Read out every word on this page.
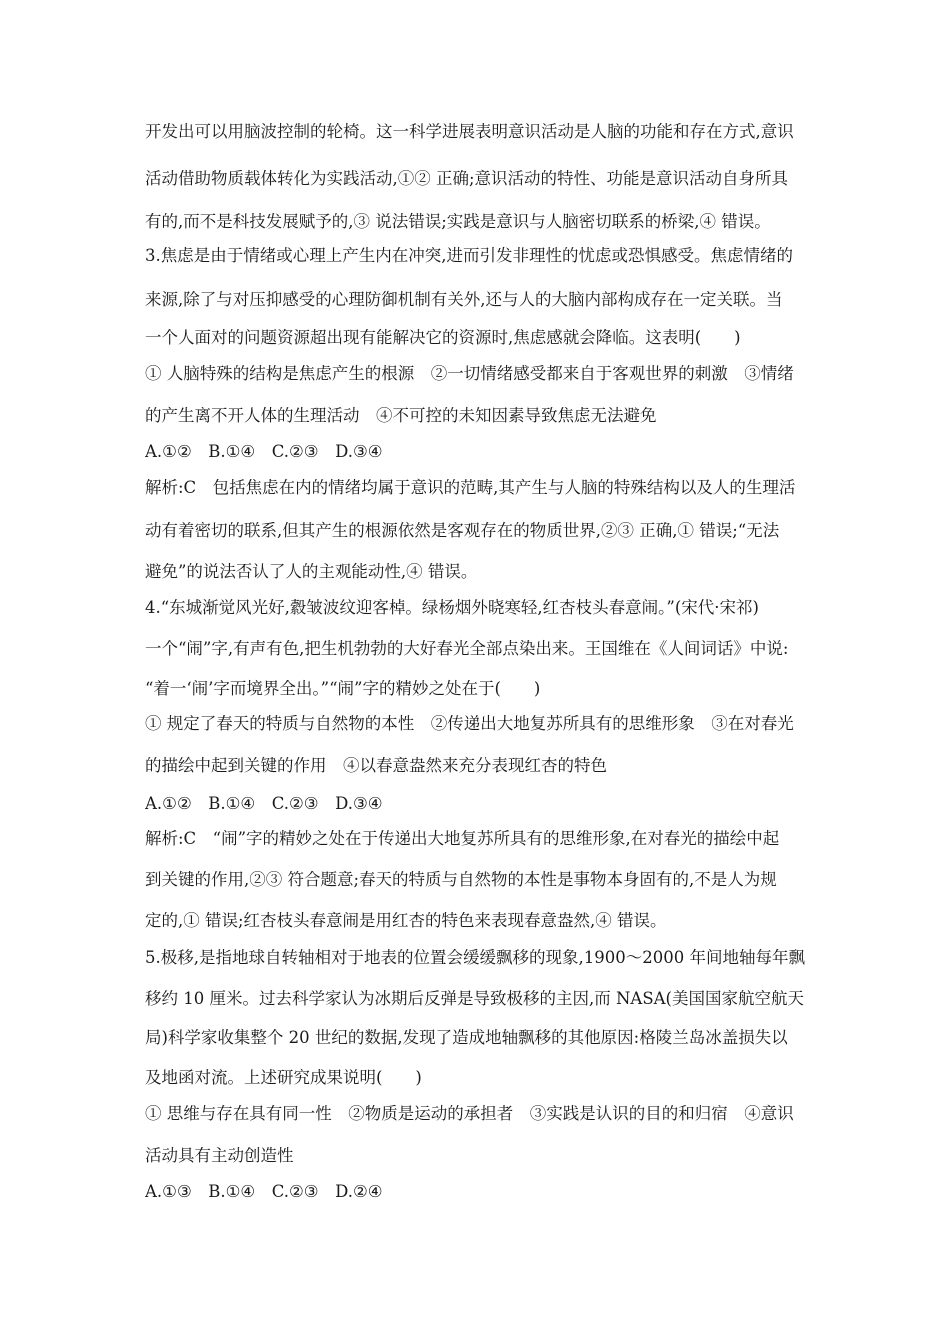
开发出可以用脑波控制的轮椅。这一科学进展表明意识活动是人脑的功能和存在方式,意识
活动借助物质载体转化为实践活动,①② 正确;意识活动的特性、功能是意识活动自身所具
有的,而不是科技发展赋予的,③ 说法错误;实践是意识与人脑密切联系的桥梁,④ 错误。
3.焦虑是由于情绪或心理上产生内在冲突,进而引发非理性的忧虑或恐惧感受。焦虑情绪的
来源,除了与对压抑感受的心理防御机制有关外,还与人的大脑内部构成存在一定关联。当
一个人面对的问题资源超出现有能解决它的资源时,焦虑感就会降临。这表明(　　)
① 人脑特殊的结构是焦虑产生的根源　②一切情绪感受都来自于客观世界的刺激　③情绪
的产生离不开人体的生理活动　④不可控的未知因素导致焦虑无法避免
A.①②　B.①④　C.②③　D.③④
解析:C　包括焦虑在内的情绪均属于意识的范畴,其产生与人脑的特殊结构以及人的生理活
动有着密切的联系,但其产生的根源依然是客观存在的物质世界,②③ 正确,① 错误;“无法
避免”的说法否认了人的主观能动性,④ 错误。
4.“东城渐觉风光好,縠皱波纹迎客棹。绿杨烟外晓寒轻,红杏枝头春意闹。”(宋代·宋祁)
一个“闹”字,有声有色,把生机勃勃的大好春光全部点染出来。王国维在《人间词话》中说:
“着一‘闹’字而境界全出。”“闹”字的精妙之处在于(　　)
① 规定了春天的特质与自然物的本性　②传递出大地复苏所具有的思维形象　③在对春光
的描绘中起到关键的作用　④以春意盎然来充分表现红杏的特色
A.①②　B.①④　C.②③　D.③④
解析:C　“闹”字的精妙之处在于传递出大地复苏所具有的思维形象,在对春光的描绘中起
到关键的作用,②③ 符合题意;春天的特质与自然物的本性是事物本身固有的,不是人为规
定的,① 错误;红杏枝头春意闹是用红杏的特色来表现春意盎然,④ 错误。
5.极移,是指地球自转轴相对于地表的位置会缓缓飘移的现象,1900～2000 年间地轴每年飘
移约 10 厘米。过去科学家认为冰期后反弹是导致极移的主因,而 NASA(美国国家航空航天
局)科学家收集整个 20 世纪的数据,发现了造成地轴飘移的其他原因:格陵兰岛冰盖损失以
及地函对流。上述研究成果说明(　　)
① 思维与存在具有同一性　②物质是运动的承担者　③实践是认识的目的和归宿　④意识
活动具有主动创造性
A.①③　B.①④　C.②③　D.②④
